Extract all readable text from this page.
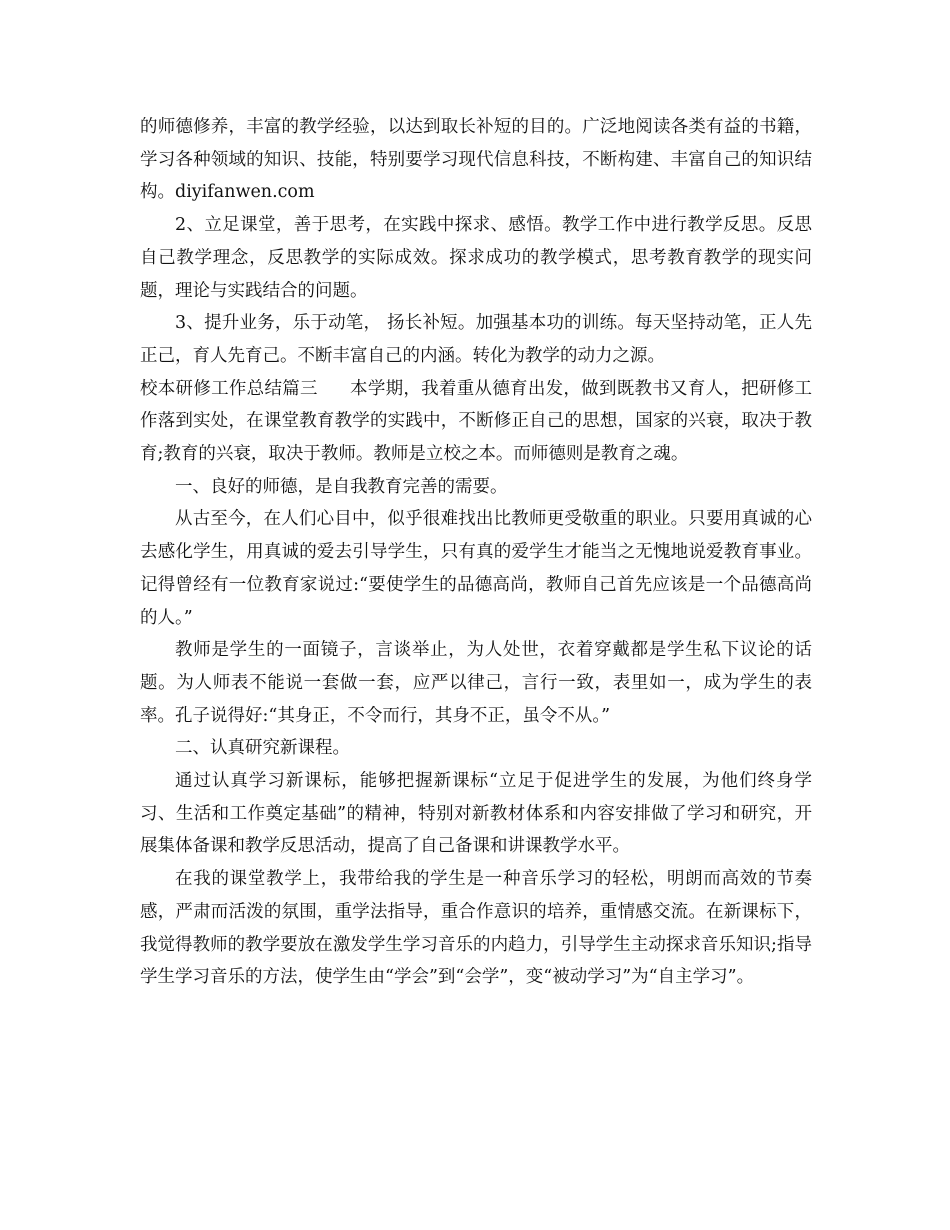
的师德修养，丰富的教学经验，以达到取长补短的目的。广泛地阅读各类有益的书籍，学习各种领域的知识、技能，特别要学习现代信息科技，不断构建、丰富自己的知识结构。diyifanwen.com

2、立足课堂，善于思考，在实践中探求、感悟。教学工作中进行教学反思。反思自己教学理念，反思教学的实际成效。探求成功的教学模式，思考教育教学的现实问题，理论与实践结合的问题。

3、提升业务，乐于动笔， 扬长补短。加强基本功的训练。每天坚持动笔，正人先正己，育人先育己。不断丰富自己的内涵。转化为教学的动力之源。

校本研修工作总结篇三 本学期，我着重从德育出发，做到既教书又育人，把研修工作落到实处，在课堂教育教学的实践中，不断修正自己的思想，国家的兴衰，取决于教育;教育的兴衰，取决于教师。教师是立校之本。而师德则是教育之魂。

一、良好的师德，是自我教育完善的需要。

从古至今，在人们心目中，似乎很难找出比教师更受敬重的职业。只要用真诚的心去感化学生，用真诚的爱去引导学生，只有真的爱学生才能当之无愧地说爱教育事业。记得曾经有一位教育家说过:“要使学生的品德高尚，教师自己首先应该是一个品德高尚的人。”

教师是学生的一面镜子，言谈举止，为人处世，衣着穿戴都是学生私下议论的话题。为人师表不能说一套做一套，应严以律己，言行一致，表里如一，成为学生的表率。孔子说得好:“其身正，不令而行，其身不正，虽令不从。”

二、认真研究新课程。

通过认真学习新课标，能够把握新课标“立足于促进学生的发展，为他们终身学习、生活和工作奠定基础”的精神，特别对新教材体系和内容安排做了学习和研究，开展集体备课和教学反思活动，提高了自己备课和讲课教学水平。

在我的课堂教学上，我带给我的学生是一种音乐学习的轻松，明朗而高效的节奏感，严肃而活泼的氛围，重学法指导，重合作意识的培养，重情感交流。在新课标下，我觉得教师的教学要放在激发学生学习音乐的内趋力，引导学生主动探求音乐知识;指导学生学习音乐的方法，使学生由“学会”到“会学”，变“被动学习”为“自主学习”。
